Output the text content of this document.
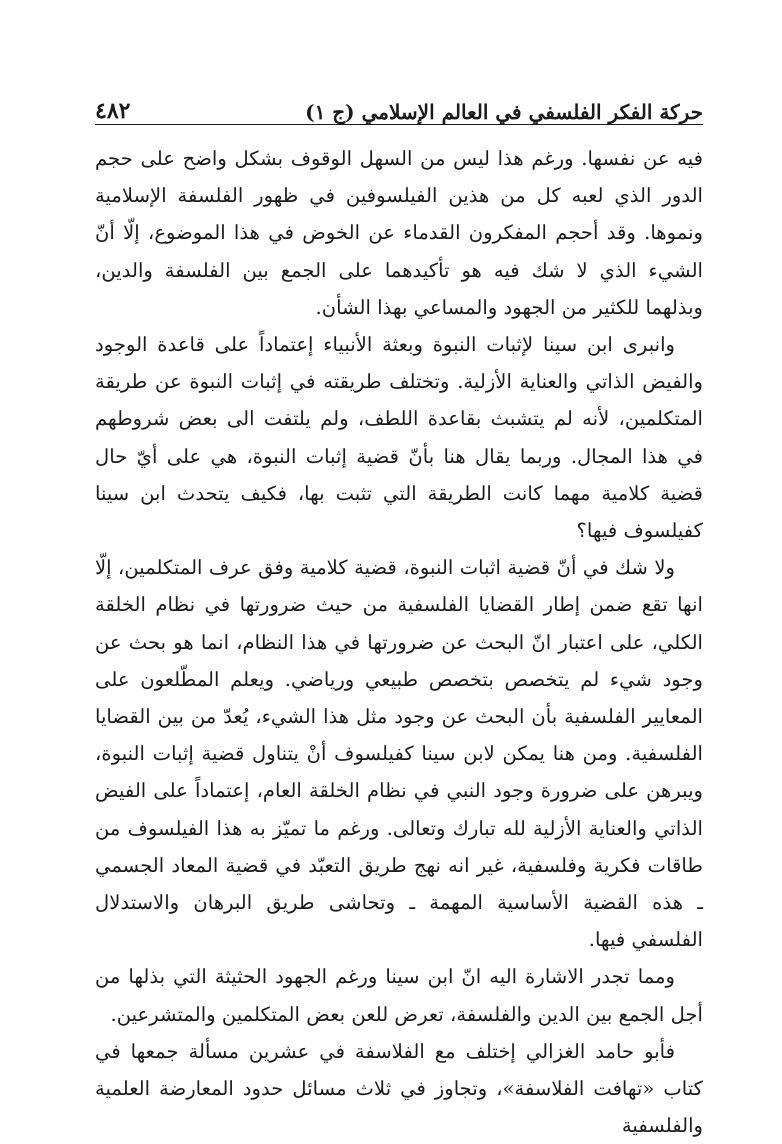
حركة الفكر الفلسفي في العالم الإسلامي (ج ١)
٤٨٢

فيه عن نفسها. ورغم هذا ليس من السهل الوقوف بشكل واضح على حجم الدور الذي لعبه كل من هذين الفيلسوفين في ظهور الفلسفة الإسلامية ونموها. وقد أحجم المفكرون القدماء عن الخوض في هذا الموضوع، إلّا أنّ الشيء الذي لا شك فيه هو تأكيدهما على الجمع بين الفلسفة والدين، وبذلهما للكثير من الجهود والمساعي بهذا الشأن.

وانبرى ابن سينا لإثبات النبوة وبعثة الأنبياء إعتماداً على قاعدة الوجود والفيض الذاتي والعناية الأزلية. وتختلف طريقته في إثبات النبوة عن طريقة المتكلمين، لأنه لم يتشبث بقاعدة اللطف، ولم يلتفت الى بعض شروطهم في هذا المجال. وربما يقال هنا بأنّ قضية إثبات النبوة، هي على أيّ حال قضية كلامية مهما كانت الطريقة التي تثبت بها، فكيف يتحدث ابن سينا كفيلسوف فيها؟

ولا شك في أنّ قضية اثبات النبوة، قضية كلامية وفق عرف المتكلمين، إلّا انها تقع ضمن إطار القضايا الفلسفية من حيث ضرورتها في نظام الخلقة الكلي، على اعتبار انّ البحث عن ضرورتها في هذا النظام، انما هو بحث عن وجود شيء لم يتخصص بتخصص طبيعي ورياضي. ويعلم المطّلعون على المعايير الفلسفية بأن البحث عن وجود مثل هذا الشيء، يُعدّ من بين القضايا الفلسفية. ومن هنا يمكن لابن سينا كفيلسوف أنْ يتناول قضية إثبات النبوة، ويبرهن على ضرورة وجود النبي في نظام الخلقة العام، إعتماداً على الفيض الذاتي والعناية الأزلية لله تبارك وتعالى. ورغم ما تميّز به هذا الفيلسوف من طاقات فكرية وفلسفية، غير انه نهج طريق التعبّد في قضية المعاد الجسمي ـ هذه القضية الأساسية المهمة ـ وتحاشى طريق البرهان والاستدلال الفلسفي فيها.

ومما تجدر الاشارة اليه انّ ابن سينا ورغم الجهود الحثيثة التي بذلها من أجل الجمع بين الدين والفلسفة، تعرض للعن بعض المتكلمين والمتشرعين.

فأبو حامد الغزالي إختلف مع الفلاسفة في عشرين مسألة جمعها في كتاب «تهافت الفلاسفة»، وتجاوز في ثلاث مسائل حدود المعارضة العلمية والفلسفية
